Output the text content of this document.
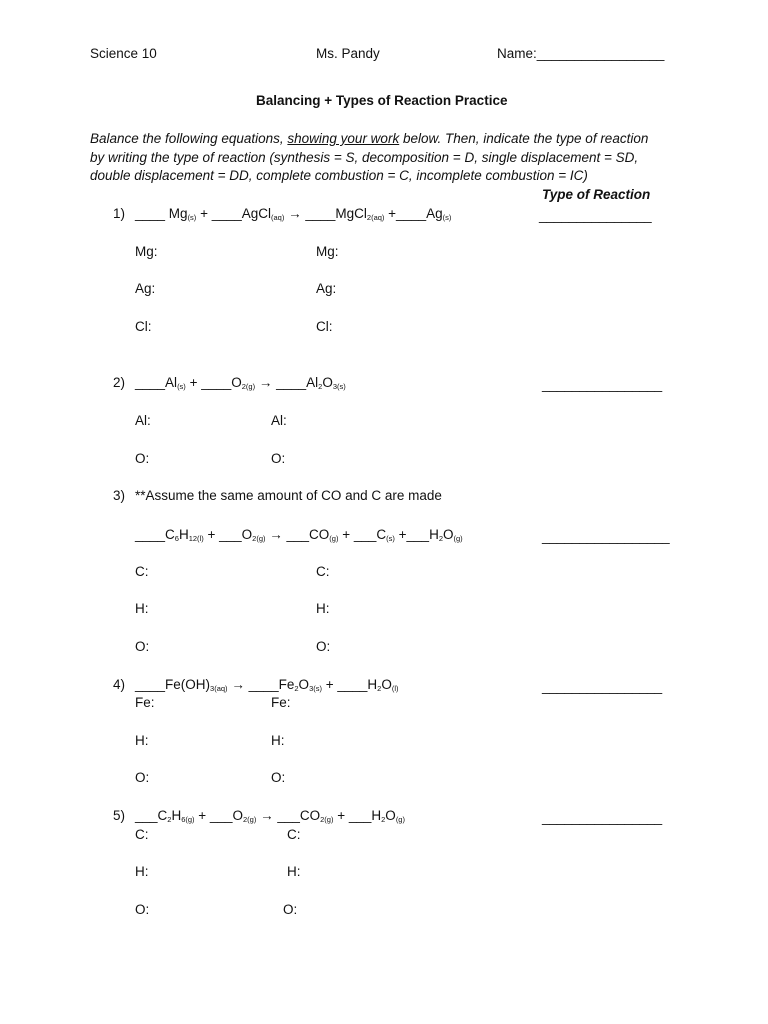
Science 10	Ms. Pandy	Name:_________________
Balancing + Types of Reaction Practice
Balance the following equations, showing your work below. Then, indicate the type of reaction
by writing the type of reaction (synthesis = S, decomposition = D, single displacement = SD,
double displacement = DD, complete combustion = C, incomplete combustion = IC)
Type of Reaction
1) ____ $Mg_{(s)}$ + ____AgCl$_{(aq)}$ → ____MgCl$_{2(aq)}$ $+\_\_\_\_Ag_{(s)}$	_______________
Mg:	Mg:
Ag:	Ag:
Cl:	Cl:
2) $\_\_\_\_Al_{(s)}$ + $\_\_\_\_O_{2(g)}$ → $\_\_\_\_Al_2O_{3(s)}$	________________
Al:	Al:
O:	O:
3) **Assume the same amount of CO and C are made
$\_\_\_\_C_6H_{12(l)}$ + $\_\_\_O_{2(g)}$ → $\_\_\_CO_{(g)}$ + $\_\_\_C_{(s)}$ $+\_\_\_H_2O_{(g)}$	_________________
C:	C:
H:	H:
O:	O:
4) $\_\_\_\_Fe(OH)_{3(aq)}$ → $\_\_\_\_Fe_2O_{3(s)}$ + $\_\_\_\_H_2O_{(l)}$	________________
Fe:	Fe:
H:	H:
O:	O:
5) $\_\_\_C_2H_{6(g)}$ + $\_\_\_O_{2(g)}$ → $\_\_\_CO_{2(g)}$ + $\_\_\_H_2O_{(g)}$	________________
C:	C:
H:	H:
O:	O:
